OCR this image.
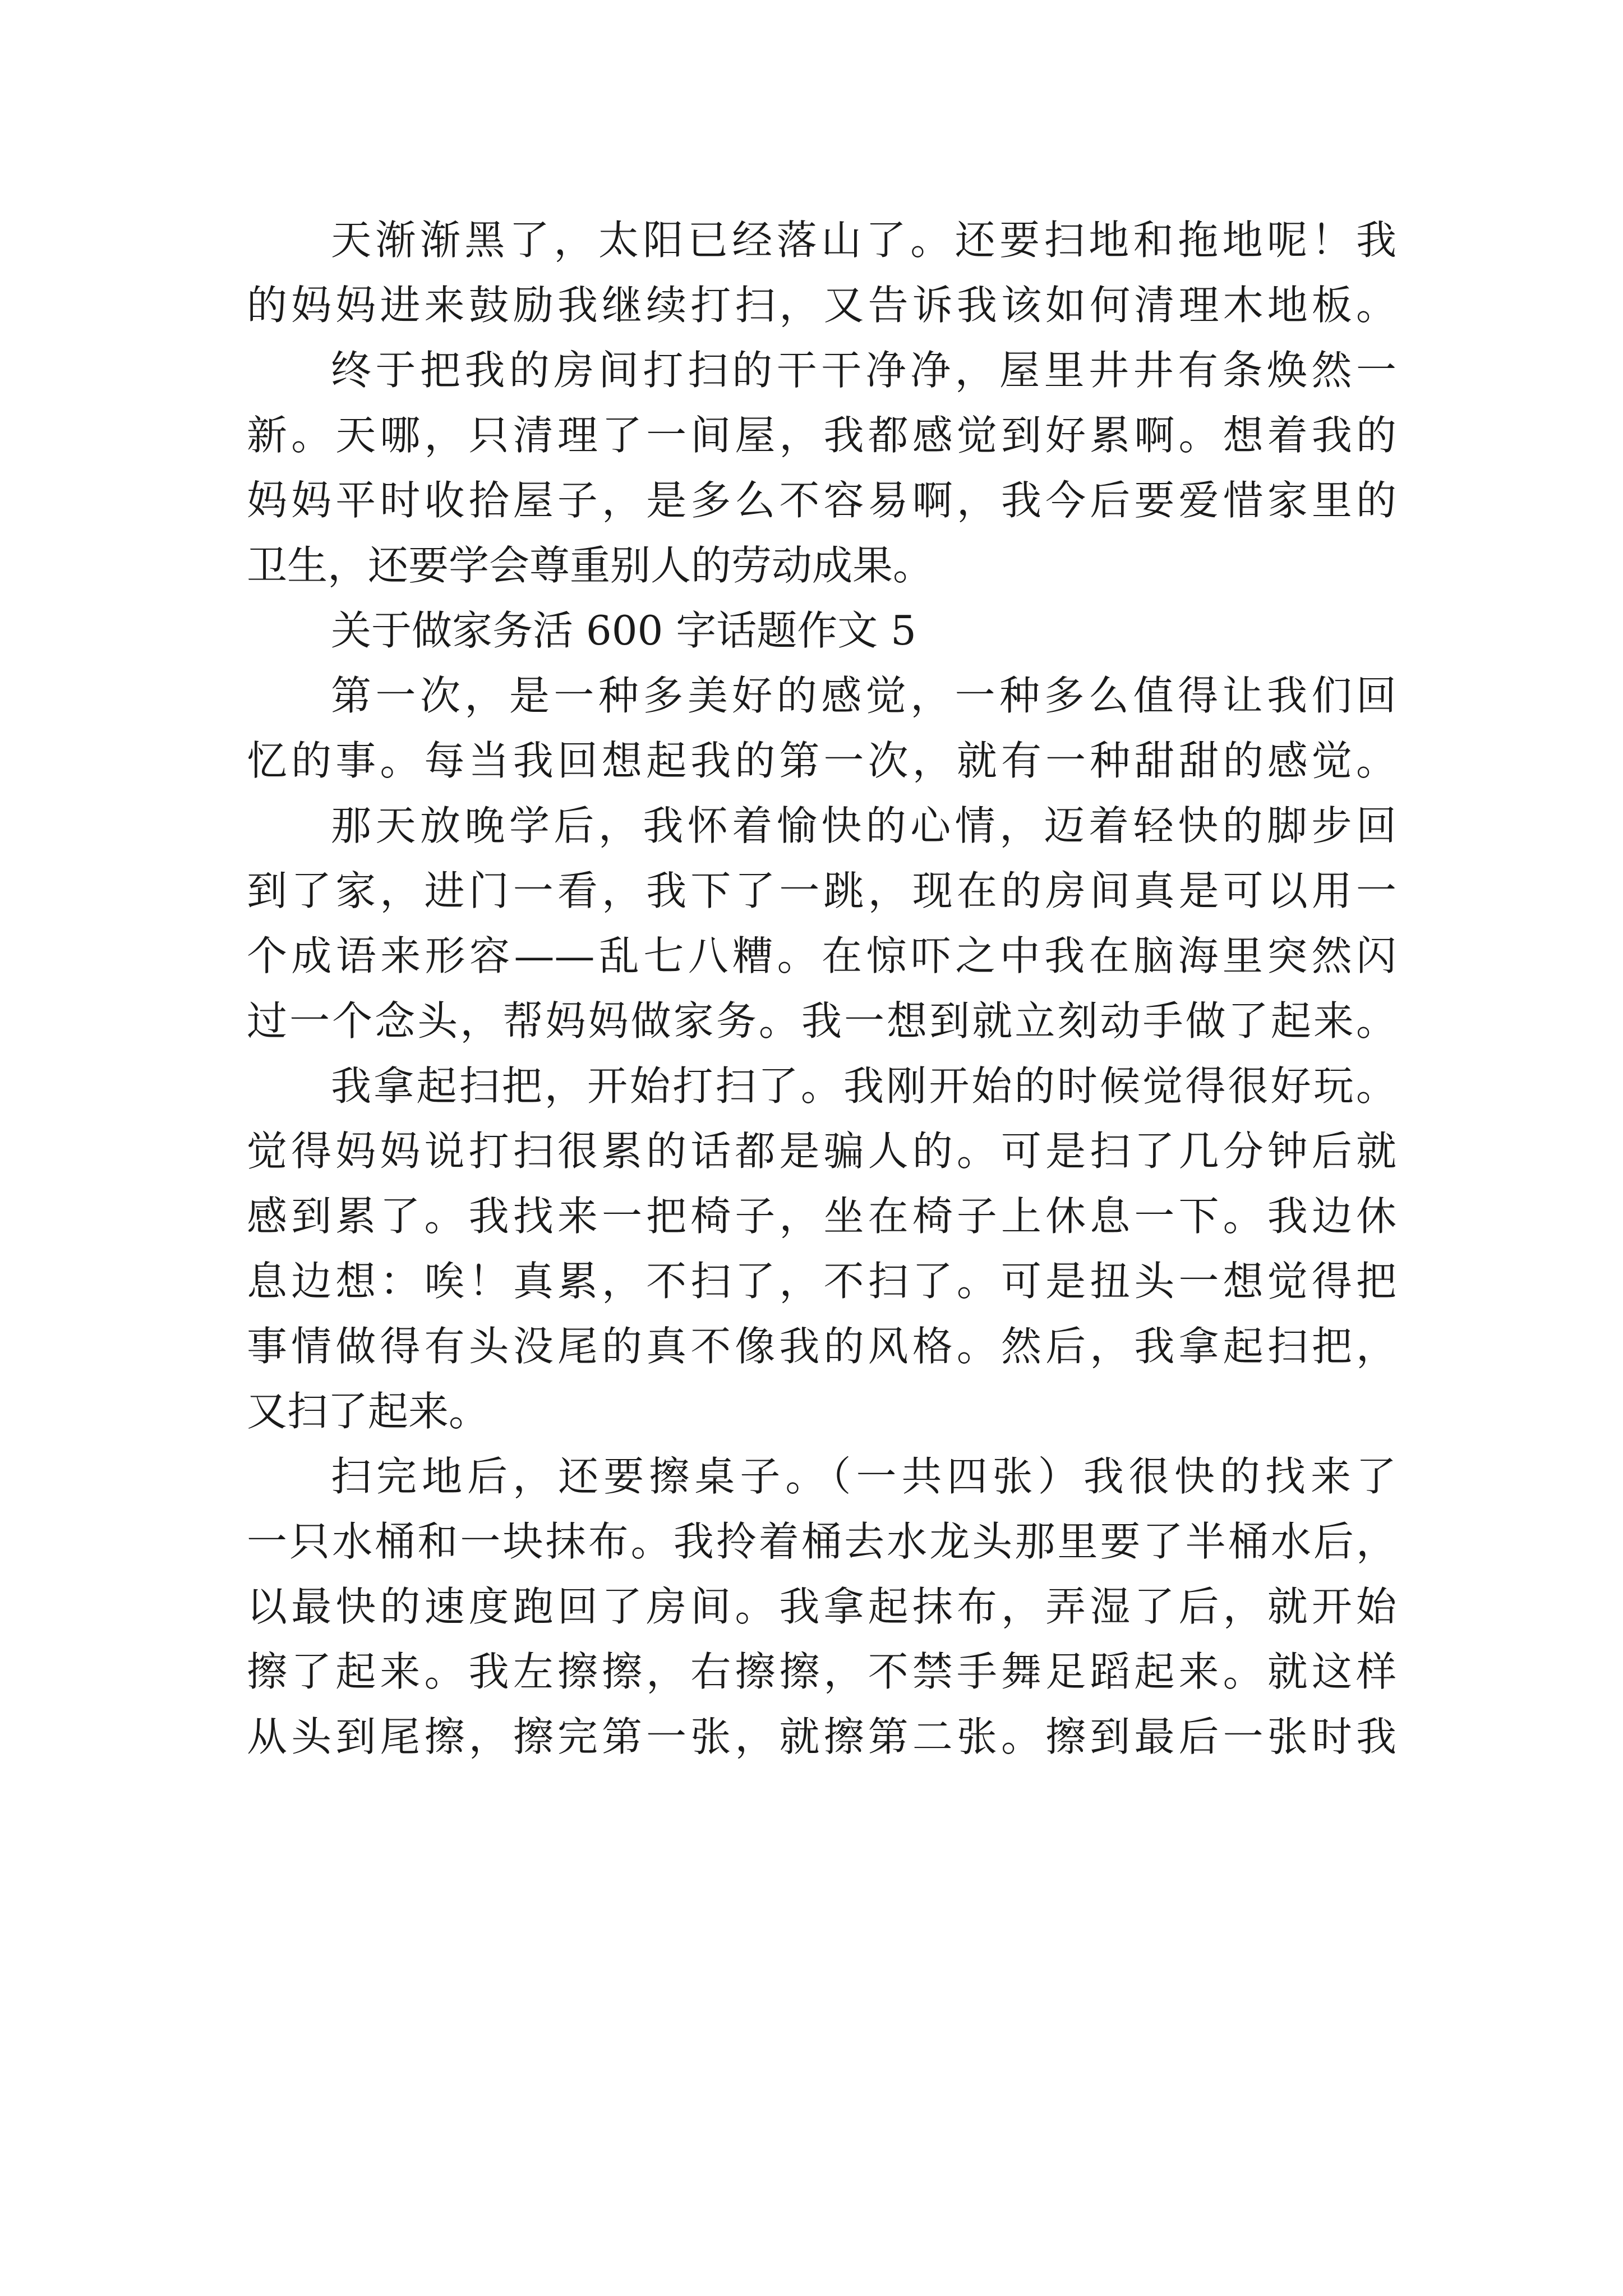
天渐渐黑了，太阳已经落山了。还要扫地和拖地呢！我
的妈妈进来鼓励我继续打扫，又告诉我该如何清理木地板。
终于把我的房间打扫的干干净净，屋里井井有条焕然一
新。天哪，只清理了一间屋，我都感觉到好累啊。想着我的
妈妈平时收拾屋子，是多么不容易啊，我今后要爱惜家里的
卫生，还要学会尊重别人的劳动成果。
关于做家务活 600 字话题作文 5
第一次，是一种多美好的感觉，一种多么值得让我们回
忆的事。每当我回想起我的第一次，就有一种甜甜的感觉。
那天放晚学后，我怀着愉快的心情，迈着轻快的脚步回
到了家，进门一看，我下了一跳，现在的房间真是可以用一
个成语来形容——乱七八糟。在惊吓之中我在脑海里突然闪
过一个念头，帮妈妈做家务。我一想到就立刻动手做了起来。
我拿起扫把，开始打扫了。我刚开始的时候觉得很好玩。
觉得妈妈说打扫很累的话都是骗人的。可是扫了几分钟后就
感到累了。我找来一把椅子，坐在椅子上休息一下。我边休
息边想：唉！真累，不扫了，不扫了。可是扭头一想觉得把
事情做得有头没尾的真不像我的风格。然后，我拿起扫把，
又扫了起来。
扫完地后，还要擦桌子。（一共四张）我很快的找来了
一只水桶和一块抹布。我拎着桶去水龙头那里要了半桶水后，
以最快的速度跑回了房间。我拿起抹布，弄湿了后，就开始
擦了起来。我左擦擦，右擦擦，不禁手舞足蹈起来。就这样
从头到尾擦，擦完第一张，就擦第二张。擦到最后一张时我
